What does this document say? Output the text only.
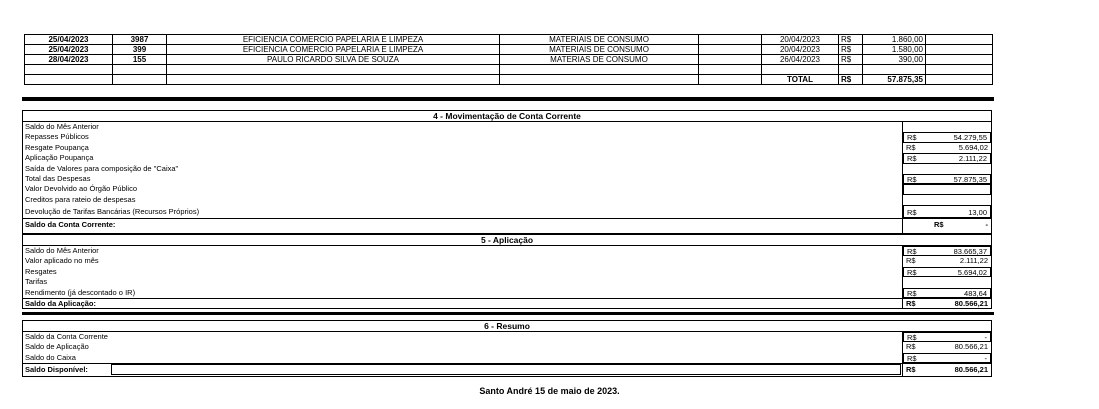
25/04/2023	3987	EFICIENCIA COMERCIO PAPELARIA E LIMPEZA	MATERIAIS DE CONSUMO		20/04/2023	R$	1.860,00	
25/04/2023	399	EFICIENCIA COMERCIO PAPELARIA E LIMPEZA	MATERIAIS DE CONSUMO		20/04/2023	R$	1.580,00	
28/04/2023	155	PAULO RICARDO SILVA DE SOUZA	MATERIAS DE CONSUMO		26/04/2023	R$	390,00	

					TOTAL	R$	57.875,35	
4 - Movimentação de Conta Corrente
Saldo do Mês Anterior
Repasses Públicos	R$	54.279,55
Resgate Poupança	R$	5.694,02
Aplicação Poupança	R$	2.111,22
Saída de Valores para composição de "Caixa"
Total das Despesas	R$	57.875,35
Valor Devolvido ao Órgão Público
Creditos para rateio de despesas
Devolução de Tarifas Bancárias (Recursos Próprios)	R$	13,00
Saldo da Conta Corrente:	R$	-
5 - Aplicação
Saldo do Mês Anterior	R$	83.665,37
Valor aplicado no mês	R$	2.111,22
Resgates	R$	5.694,02
Tarifas
Rendimento (já descontado o IR)	R$	483,64
Saldo da Aplicação:	R$	80.566,21
6 - Resumo
Saldo da Conta Corrente	R$	-
Saldo de Aplicação	R$	80.566,21
Saldo do Caixa	R$	-
Saldo Disponível:	R$	80.566,21
Santo André 15 de maio de 2023.
